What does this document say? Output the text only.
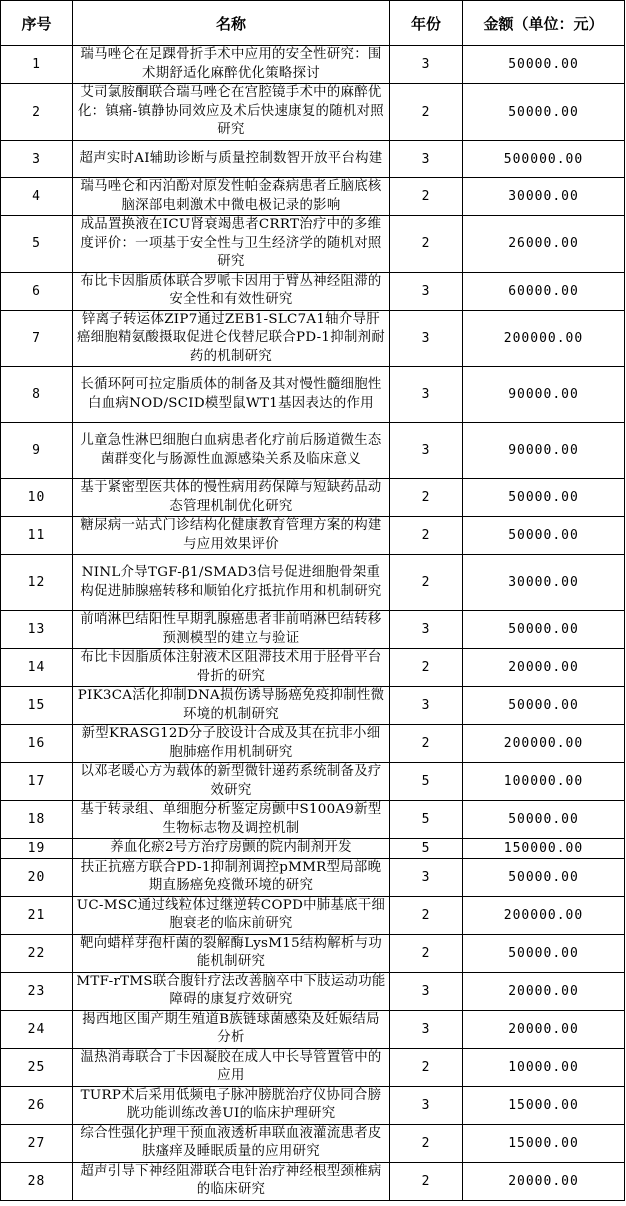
序号	名称	年份	金额（单位：元）
1	瑞马唑仑在足踝骨折手术中应用的安全性研究：围术期舒适化麻醉优化策略探讨	3	50000.00
2	艾司氯胺酮联合瑞马唑仑在宫腔镜手术中的麻醉优化：镇痛-镇静协同效应及术后快速康复的随机对照研究	2	50000.00
3	超声实时AI辅助诊断与质量控制数智开放平台构建	3	500000.00
4	瑞马唑仑和丙泊酚对原发性帕金森病患者丘脑底核脑深部电刺激术中微电极记录的影响	2	30000.00
5	成品置换液在ICU肾衰竭患者CRRT治疗中的多维度评价：一项基于安全性与卫生经济学的随机对照研究	2	26000.00
6	布比卡因脂质体联合罗哌卡因用于臂丛神经阻滞的安全性和有效性研究	3	60000.00
7	锌离子转运体ZIP7通过ZEB1-SLC7A1轴介导肝癌细胞精氨酸摄取促进仑伐替尼联合PD-1抑制剂耐药的机制研究	3	200000.00
8	长循环阿可拉定脂质体的制备及其对慢性髓细胞性白血病NOD/SCID模型鼠WT1基因表达的作用	3	90000.00
9	儿童急性淋巴细胞白血病患者化疗前后肠道微生态菌群变化与肠源性血源感染关系及临床意义	3	90000.00
10	基于紧密型医共体的慢性病用药保障与短缺药品动态管理机制优化研究	2	50000.00
11	糖尿病一站式门诊结构化健康教育管理方案的构建与应用效果评价	2	50000.00
12	NINL介导TGF-β1/SMAD3信号促进细胞骨架重构促进肺腺癌转移和顺铂化疗抵抗作用和机制研究	2	30000.00
13	前哨淋巴结阳性早期乳腺癌患者非前哨淋巴结转移预测模型的建立与验证	3	50000.00
14	布比卡因脂质体注射液术区阻滞技术用于胫骨平台骨折的研究	2	20000.00
15	PIK3CA活化抑制DNA损伤诱导肠癌免疫抑制性微环境的机制研究	3	50000.00
16	新型KRASG12D分子胶设计合成及其在抗非小细胞肺癌作用机制研究	2	200000.00
17	以邓老暖心方为载体的新型微针递药系统制备及疗效研究	5	100000.00
18	基于转录组、单细胞分析鉴定房颤中S100A9新型生物标志物及调控机制	5	50000.00
19	养血化瘀2号方治疗房颤的院内制剂开发	5	150000.00
20	扶正抗癌方联合PD-1抑制剂调控pMMR型局部晚期直肠癌免疫微环境的研究	3	50000.00
21	UC-MSC通过线粒体过继逆转COPD中肺基底干细胞衰老的临床前研究	2	200000.00
22	靶向蜡样芽孢杆菌的裂解酶LysM15结构解析与功能机制研究	2	50000.00
23	MTF-rTMS联合腹针疗法改善脑卒中下肢运动功能障碍的康复疗效研究	3	20000.00
24	揭西地区围产期生殖道B族链球菌感染及妊娠结局分析	3	20000.00
25	温热消毒联合丁卡因凝胶在成人中长导管置管中的应用	2	10000.00
26	TURP术后采用低频电子脉冲膀胱治疗仪协同合膀胱功能训练改善UI的临床护理研究	3	15000.00
27	综合性强化护理干预血液透析串联血液灌流患者皮肤瘙痒及睡眠质量的应用研究	2	15000.00
28	超声引导下神经阻滞联合电针治疗神经根型颈椎病的临床研究	2	20000.00
